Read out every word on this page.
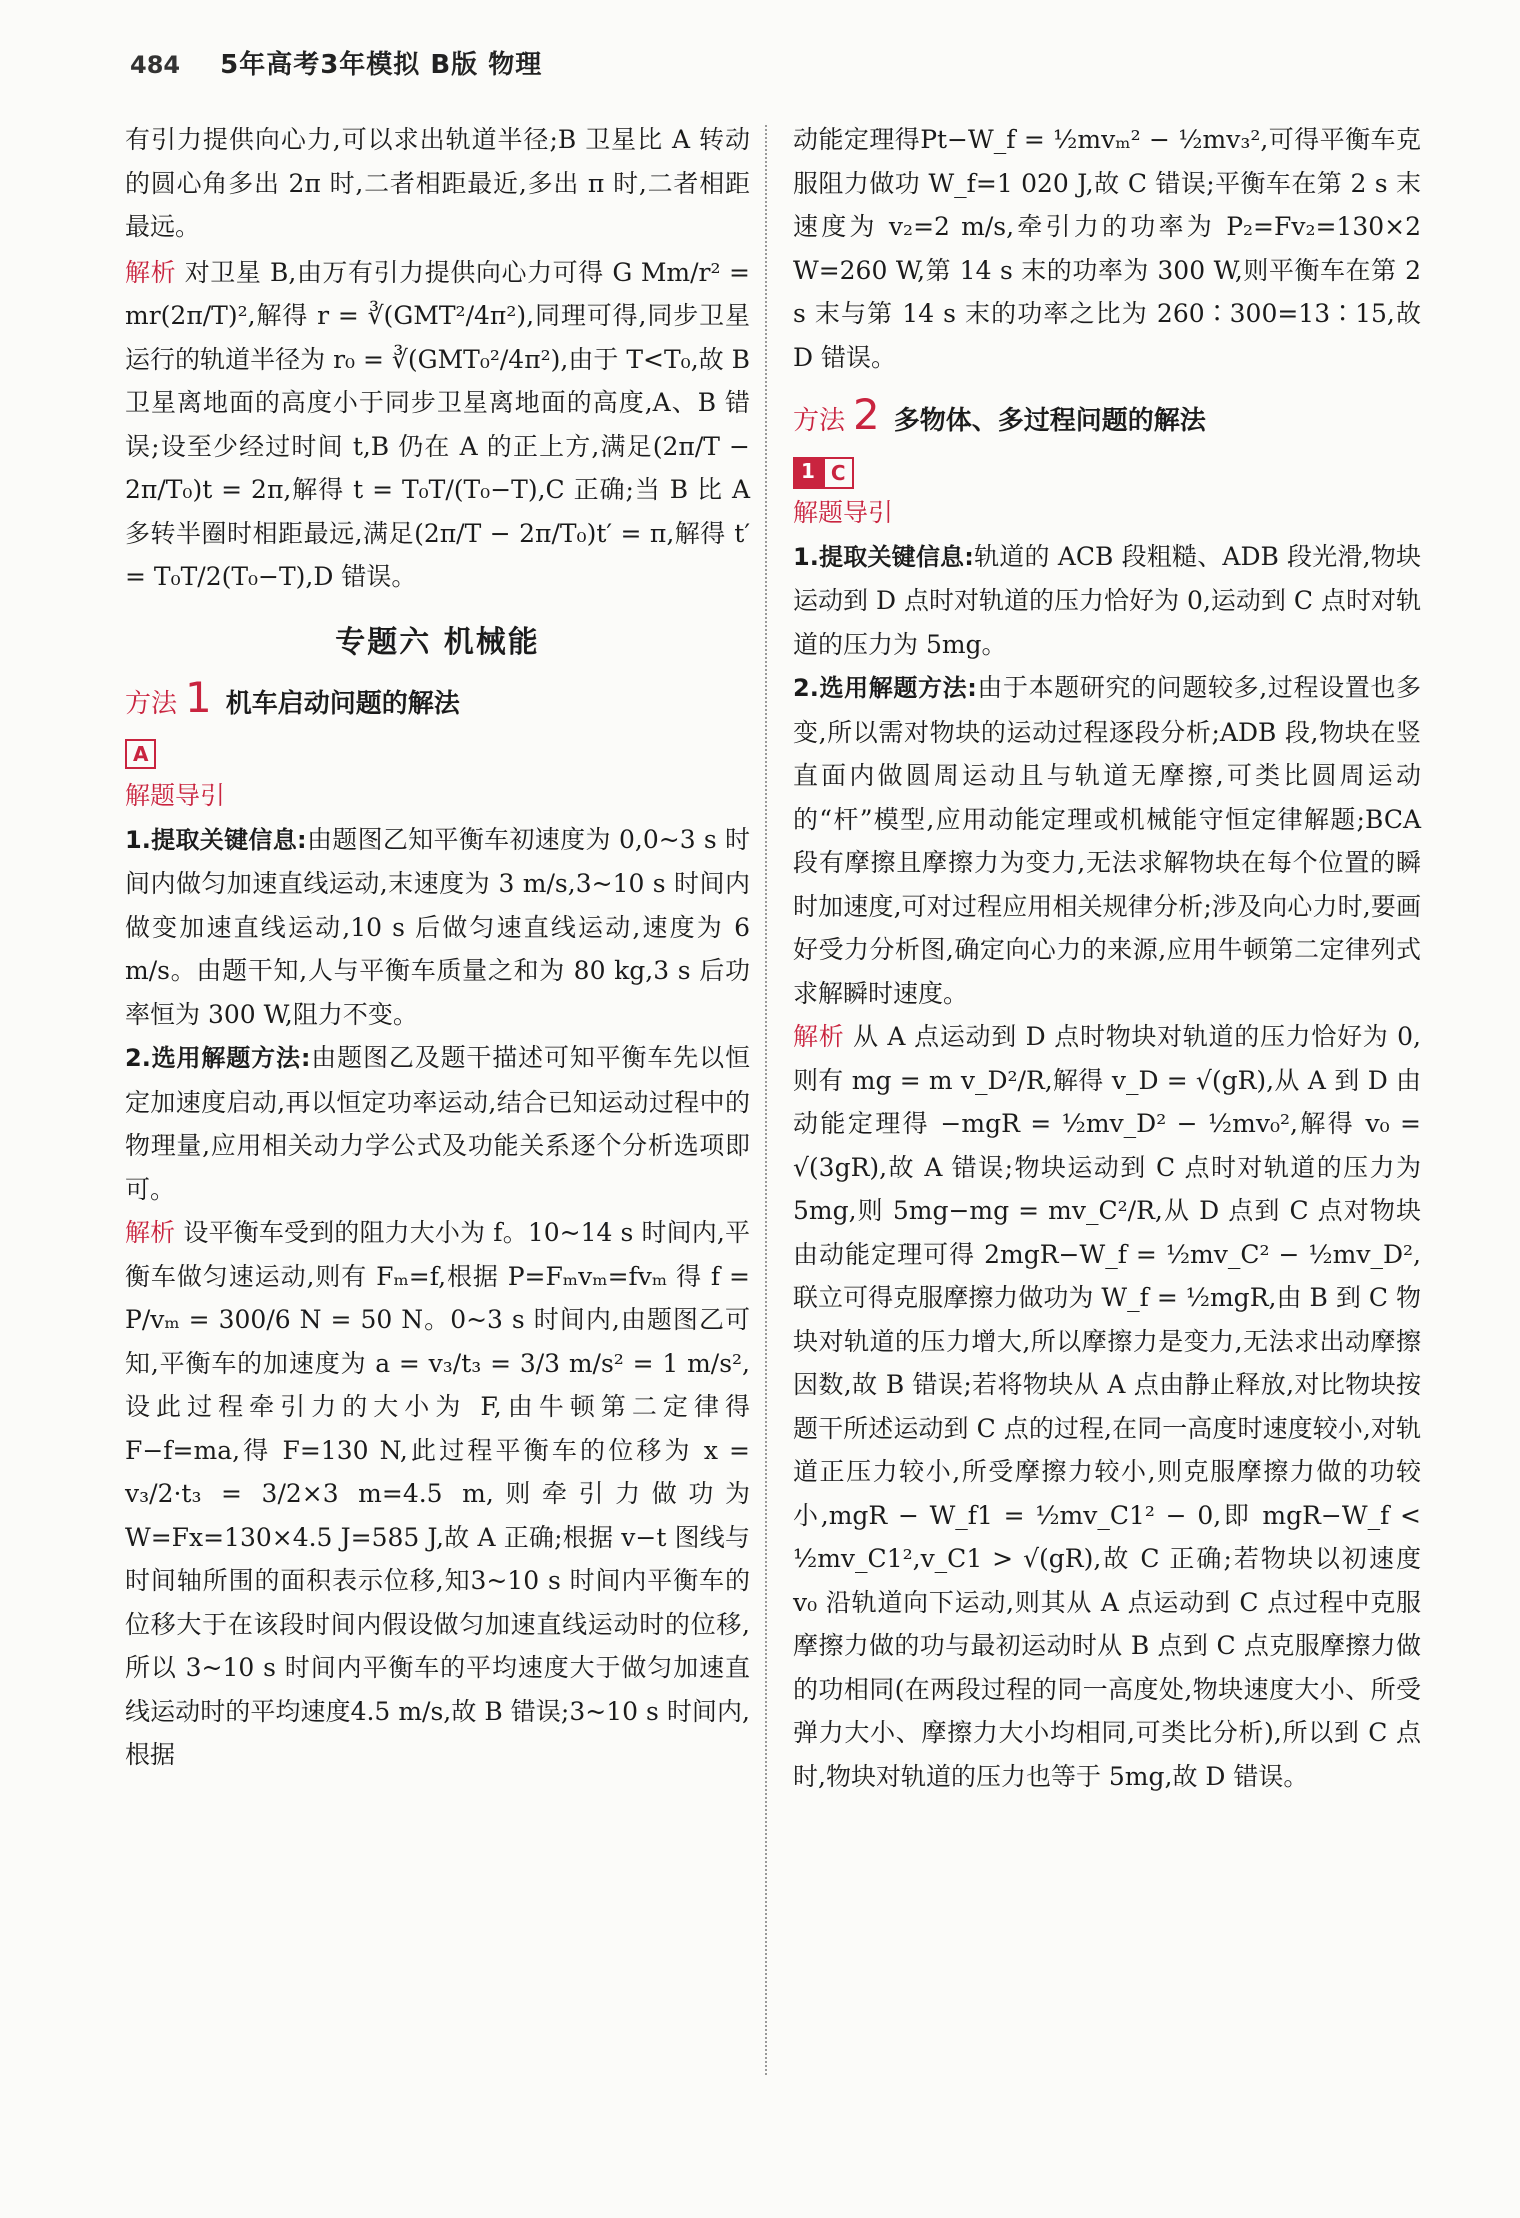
484 5年高考3年模拟 B版 物理

有引力提供向心力,可以求出轨道半径;B 卫星比 A 转动的圆心角多出 2π 时,二者相距最近,多出 π 时,二者相距最远。

解析 对卫星 B,由万有引力提供向心力可得 G Mm/r² = mr(2π/T)²,解得 r = ∛(GMT²/4π²),同理可得,同步卫星运行的轨道半径为 r₀ = ∛(GMT₀²/4π²),由于 T<T₀,故 B 卫星离地面的高度小于同步卫星离地面的高度,A、B 错误;设至少经过时间 t,B 仍在 A 的正上方,满足(2π/T − 2π/T₀)t = 2π,解得 t = T₀T/(T₀−T),C 正确;当 B 比 A 多转半圈时相距最远,满足(2π/T − 2π/T₀)t′ = π,解得 t′ = T₀T/2(T₀−T),D 错误。

专题六 机械能
方法 1 机车启动问题的解法
A
解题导引

1.提取关键信息:由题图乙知平衡车初速度为 0,0~3 s 时间内做匀加速直线运动,末速度为 3 m/s,3~10 s 时间内做变加速直线运动,10 s 后做匀速直线运动,速度为 6 m/s。由题干知,人与平衡车质量之和为 80 kg,3 s 后功率恒为 300 W,阻力不变。

2.选用解题方法:由题图乙及题干描述可知平衡车先以恒定加速度启动,再以恒定功率运动,结合已知运动过程中的物理量,应用相关动力学公式及功能关系逐个分析选项即可。

解析 设平衡车受到的阻力大小为 f。10~14 s 时间内,平衡车做匀速运动,则有 Fₘ=f,根据 P=Fₘvₘ=fvₘ 得 f = P/vₘ = 300/6 N = 50 N。0~3 s 时间内,由题图乙可知,平衡车的加速度为 a = v₃/t₃ = 3/3 m/s² = 1 m/s²,设此过程牵引力的大小为 F,由牛顿第二定律得 F−f=ma,得 F=130 N,此过程平衡车的位移为 x = v₃/2·t₃ = 3/2×3 m=4.5 m,则牵引力做功为 W=Fx=130×4.5 J=585 J,故 A 正确;根据 v−t 图线与时间轴所围的面积表示位移,知3~10 s 时间内平衡车的位移大于在该段时间内假设做匀加速直线运动时的位移,所以 3~10 s 时间内平衡车的平均速度大于做匀加速直线运动时的平均速度4.5 m/s,故 B 错误;3~10 s 时间内,根据

动能定理得Pt−W_f = ½mvₘ² − ½mv₃²,可得平衡车克服阻力做功 W_f=1 020 J,故 C 错误;平衡车在第 2 s 末速度为 v₂=2 m/s,牵引力的功率为 P₂=Fv₂=130×2 W=260 W,第 14 s 末的功率为 300 W,则平衡车在第 2 s 末与第 14 s 末的功率之比为 260∶300=13∶15,故 D 错误。

方法 2 多物体、多过程问题的解法
1 C
解题导引

1.提取关键信息:轨道的 ACB 段粗糙、ADB 段光滑,物块运动到 D 点时对轨道的压力恰好为 0,运动到 C 点时对轨道的压力为 5mg。

2.选用解题方法:由于本题研究的问题较多,过程设置也多变,所以需对物块的运动过程逐段分析;ADB 段,物块在竖直面内做圆周运动且与轨道无摩擦,可类比圆周运动的“杆”模型,应用动能定理或机械能守恒定律解题;BCA 段有摩擦且摩擦力为变力,无法求解物块在每个位置的瞬时加速度,可对过程应用相关规律分析;涉及向心力时,要画好受力分析图,确定向心力的来源,应用牛顿第二定律列式求解瞬时速度。

解析 从 A 点运动到 D 点时物块对轨道的压力恰好为 0,则有 mg = m v_D²/R,解得 v_D = √(gR),从 A 到 D 由动能定理得 −mgR = ½mv_D² − ½mv₀²,解得 v₀ = √(3gR),故 A 错误;物块运动到 C 点时对轨道的压力为 5mg,则 5mg−mg = mv_C²/R,从 D 点到 C 点对物块由动能定理可得 2mgR−W_f = ½mv_C² − ½mv_D²,联立可得克服摩擦力做功为 W_f = ½mgR,由 B 到 C 物块对轨道的压力增大,所以摩擦力是变力,无法求出动摩擦因数,故 B 错误;若将物块从 A 点由静止释放,对比物块按题干所述运动到 C 点的过程,在同一高度时速度较小,对轨道正压力较小,所受摩擦力较小,则克服摩擦力做的功较小,mgR − W_f1 = ½mv_C1² − 0,即 mgR−W_f < ½mv_C1²,v_C1 > √(gR),故 C 正确;若物块以初速度 v₀ 沿轨道向下运动,则其从 A 点运动到 C 点过程中克服摩擦力做的功与最初运动时从 B 点到 C 点克服摩擦力做的功相同(在两段过程的同一高度处,物块速度大小、所受弹力大小、摩擦力大小均相同,可类比分析),所以到 C 点时,物块对轨道的压力也等于 5mg,故 D 错误。
